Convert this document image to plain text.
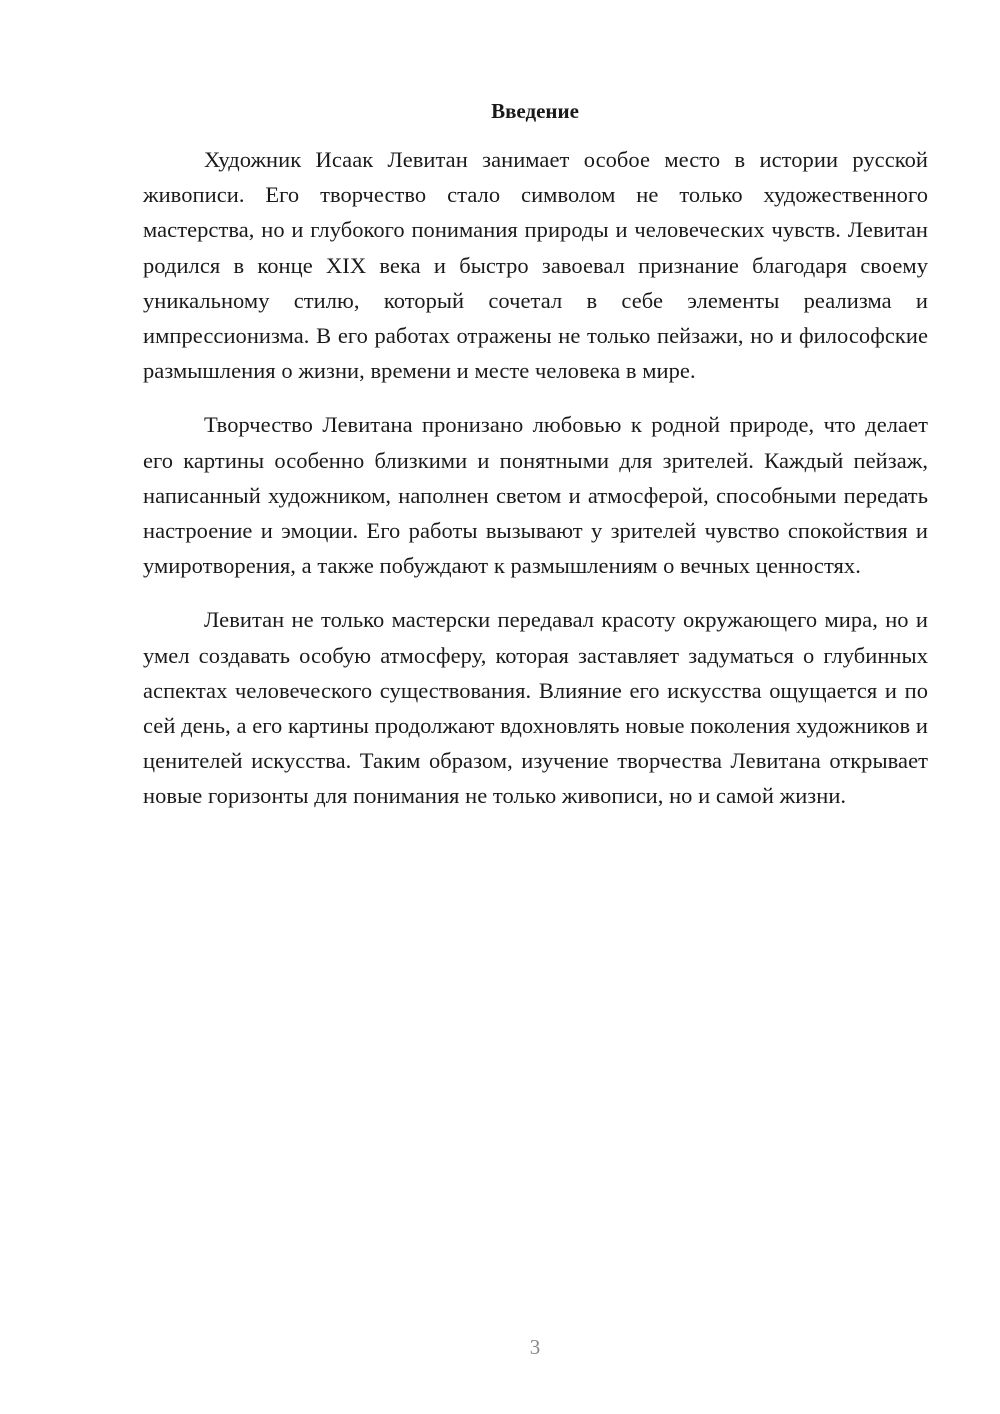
Введение

Художник Исаак Левитан занимает особое место в истории русской живописи. Его творчество стало символом не только художественного мастерства, но и глубокого понимания природы и человеческих чувств. Левитан родился в конце XIX века и быстро завоевал признание благодаря своему уникальному стилю, который сочетал в себе элементы реализма и импрессионизма. В его работах отражены не только пейзажи, но и философские размышления о жизни, времени и месте человека в мире.

Творчество Левитана пронизано любовью к родной природе, что делает его картины особенно близкими и понятными для зрителей. Каждый пейзаж, написанный художником, наполнен светом и атмосферой, способными передать настроение и эмоции. Его работы вызывают у зрителей чувство спокойствия и умиротворения, а также побуждают к размышлениям о вечных ценностях.

Левитан не только мастерски передавал красоту окружающего мира, но и умел создавать особую атмосферу, которая заставляет задуматься о глубинных аспектах человеческого существования. Влияние его искусства ощущается и по сей день, а его картины продолжают вдохновлять новые поколения художников и ценителей искусства. Таким образом, изучение творчества Левитана открывает новые горизонты для понимания не только живописи, но и самой жизни.

3
